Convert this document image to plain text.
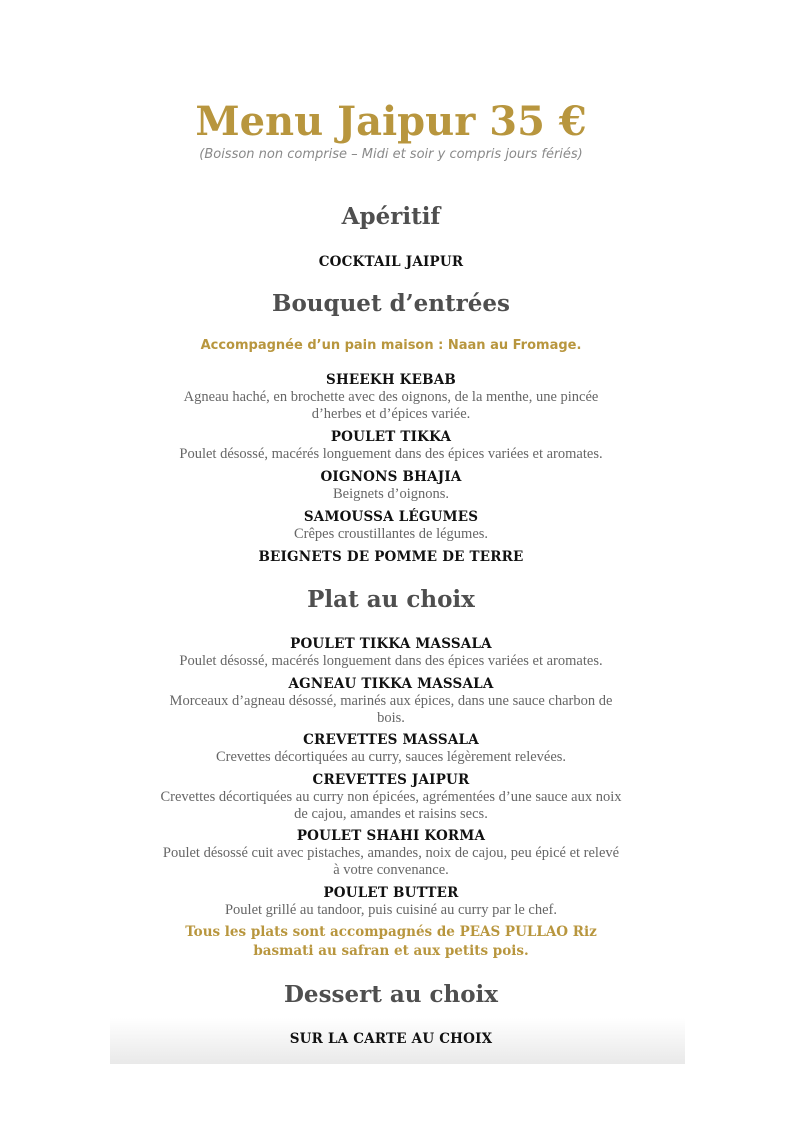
Menu Jaipur 35 €
(Boisson non comprise – Midi et soir y compris jours fériés)
Apéritif
COCKTAIL JAIPUR
Bouquet d’entrées
Accompagnée d’un pain maison : Naan au Fromage.
SHEEKH KEBAB
Agneau haché, en brochette avec des oignons, de la menthe, une pincée d’herbes et d’épices variée.
POULET TIKKA
Poulet désossé, macérés longuement dans des épices variées et aromates.
OIGNONS BHAJIA
Beignets d’oignons.
SAMOUSSA LÉGUMES
Crêpes croustillantes de légumes.
BEIGNETS DE POMME DE TERRE
Plat au choix
POULET TIKKA MASSALA
Poulet désossé, macérés longuement dans des épices variées et aromates.
AGNEAU TIKKA MASSALA
Morceaux d’agneau désossé, marinés aux épices, dans une sauce charbon de bois.
CREVETTES MASSALA
Crevettes décortiquées au curry, sauces légèrement relevées.
CREVETTES JAIPUR
Crevettes décortiquées au curry non épicées, agrémentées d’une sauce aux noix de cajou, amandes et raisins secs.
POULET SHAHI KORMA
Poulet désossé cuit avec pistaches, amandes, noix de cajou, peu épicé et relevé à votre convenance.
POULET BUTTER
Poulet grillé au tandoor, puis cuisiné au curry par le chef.
Tous les plats sont accompagnés de PEAS PULLAO Riz basmati au safran et aux petits pois.
Dessert au choix
SUR LA CARTE AU CHOIX
